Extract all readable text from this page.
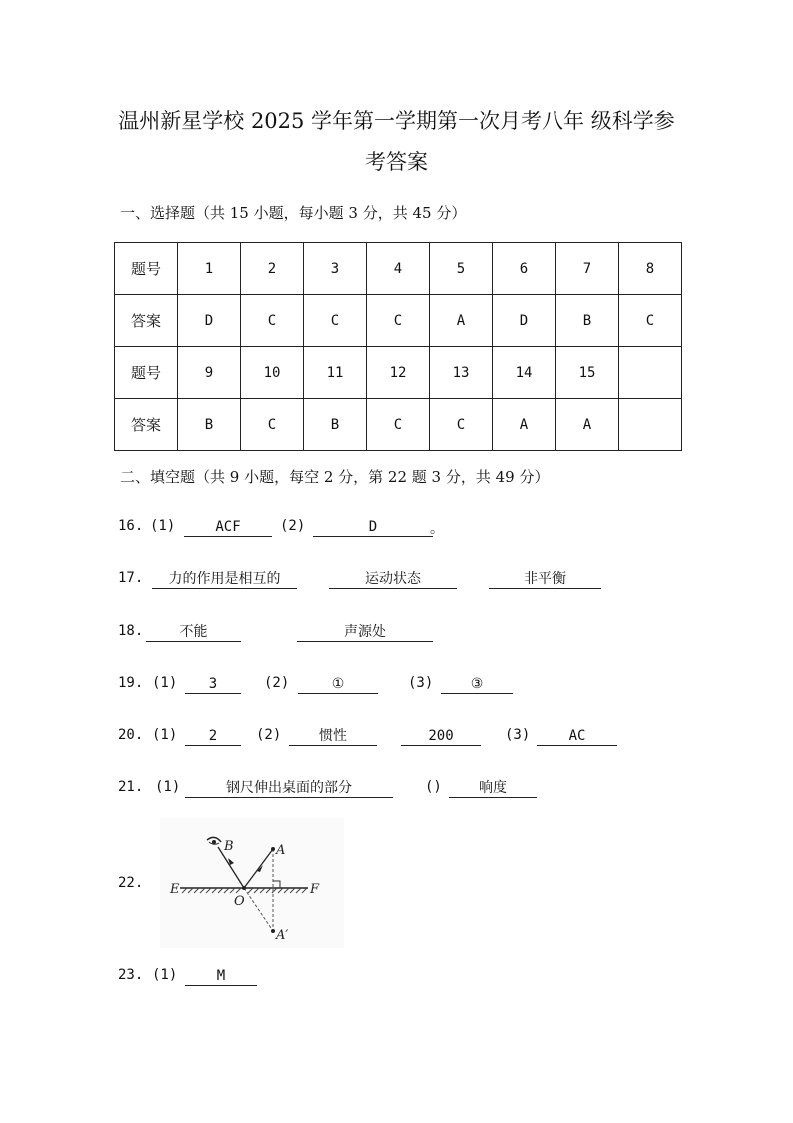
温州新星学校 2025 学年第一学期第一次月考八年 级科学参
考答案
一、选择题（共 15 小题，每小题 3 分，共 45 分）
题号	1	2	3	4	5	6	7	8
答案	D	C	C	C	A	D	B	C
题号	9	10	11	12	13	14	15	
答案	B	C	B	C	C	A	A	
二、填空题（共 9 小题，每空 2 分，第 22 题 3 分，共 49 分）
16. (1)	ACF	(2)	D	。
17.	力的作用是相互的	运动状态	非平衡
18.	不能	声源处
19. (1)	3	(2)	①	(3)	③
20. (1)	2	(2)	惯性	200	(3)	AC
21. (1)	钢尺伸出桌面的部分	()	响度
22.
B	A
E
O
F
A′
23. (1)	M
